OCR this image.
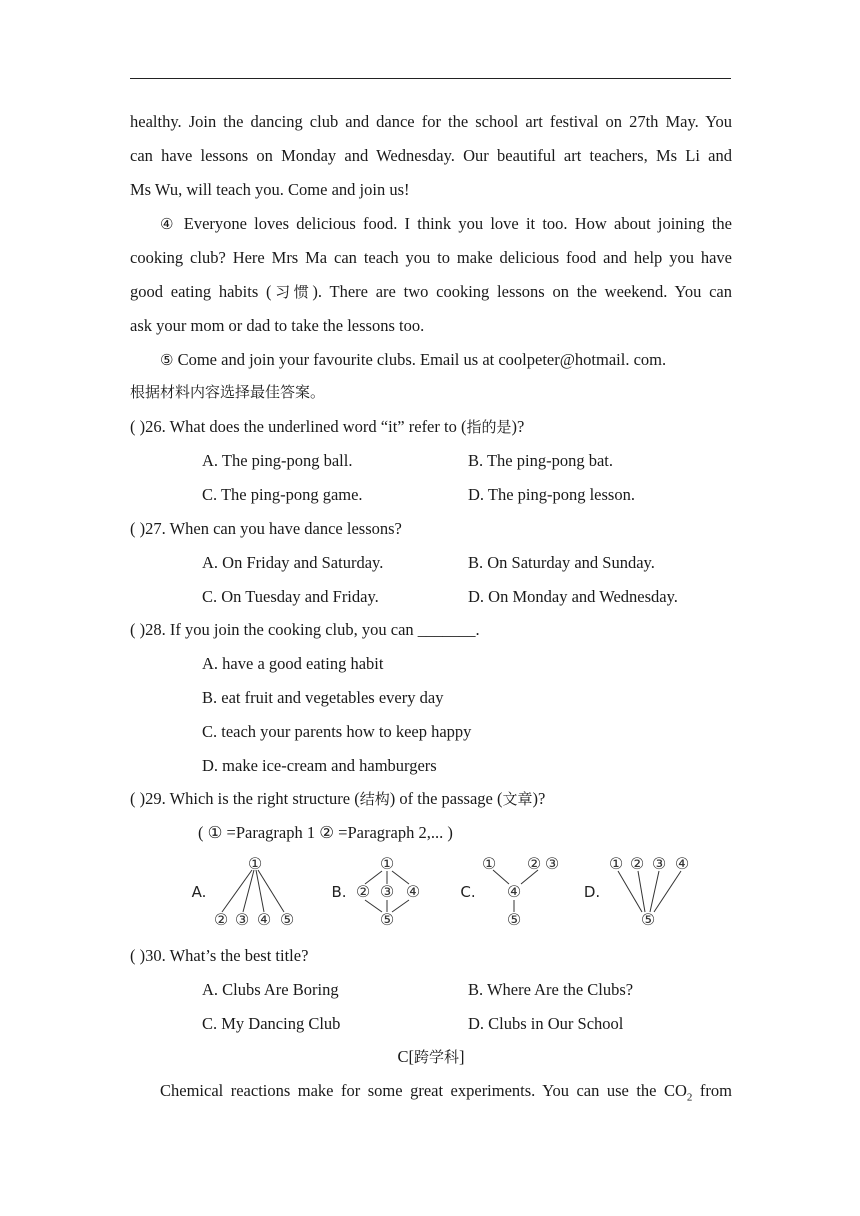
healthy. Join the dancing club and dance for the school art festival on 27th May. You
can have lessons on Monday and Wednesday. Our beautiful art teachers, Ms Li and
Ms Wu, will teach you. Come and join us!
④ Everyone loves delicious food. I think you love it too. How about joining the
cooking club? Here Mrs Ma can teach you to make delicious food and help you have
good eating habits (习惯). There are two cooking lessons on the weekend. You can
ask your mom or dad to take the lessons too.
⑤ Come and join your favourite clubs. Email us at coolpeter@hotmail. com.
根据材料内容选择最佳答案。
( )26. What does the underlined word “it” refer to (指的是)?
A. The ping-pong ball.	B. The ping-pong bat.
C. The ping-pong game.	D. The ping-pong lesson.
( )27. When can you have dance lessons?
A. On Friday and Saturday.	B. On Saturday and Sunday.
C. On Tuesday and Friday.	D. On Monday and Wednesday.
( )28. If you join the cooking club, you can _______.
A. have a good eating habit
B. eat fruit and vegetables every day
C. teach your parents how to keep happy
D. make ice-cream and hamburgers
( )29. Which is the right structure (结构) of the passage (文章)?
( ① =Paragraph 1 ② =Paragraph 2,... )
A.	B.	C.	D.
①
② ③ ④ ⑤
①
② ③ ④
⑤
① ② ③
④
⑤
① ② ③ ④
⑤
( )30. What’s the best title?
A. Clubs Are Boring	B. Where Are the Clubs?
C. My Dancing Club	D. Clubs in Our School
C[跨学科]
Chemical reactions make for some great experiments. You can use the $CO_2$ from
